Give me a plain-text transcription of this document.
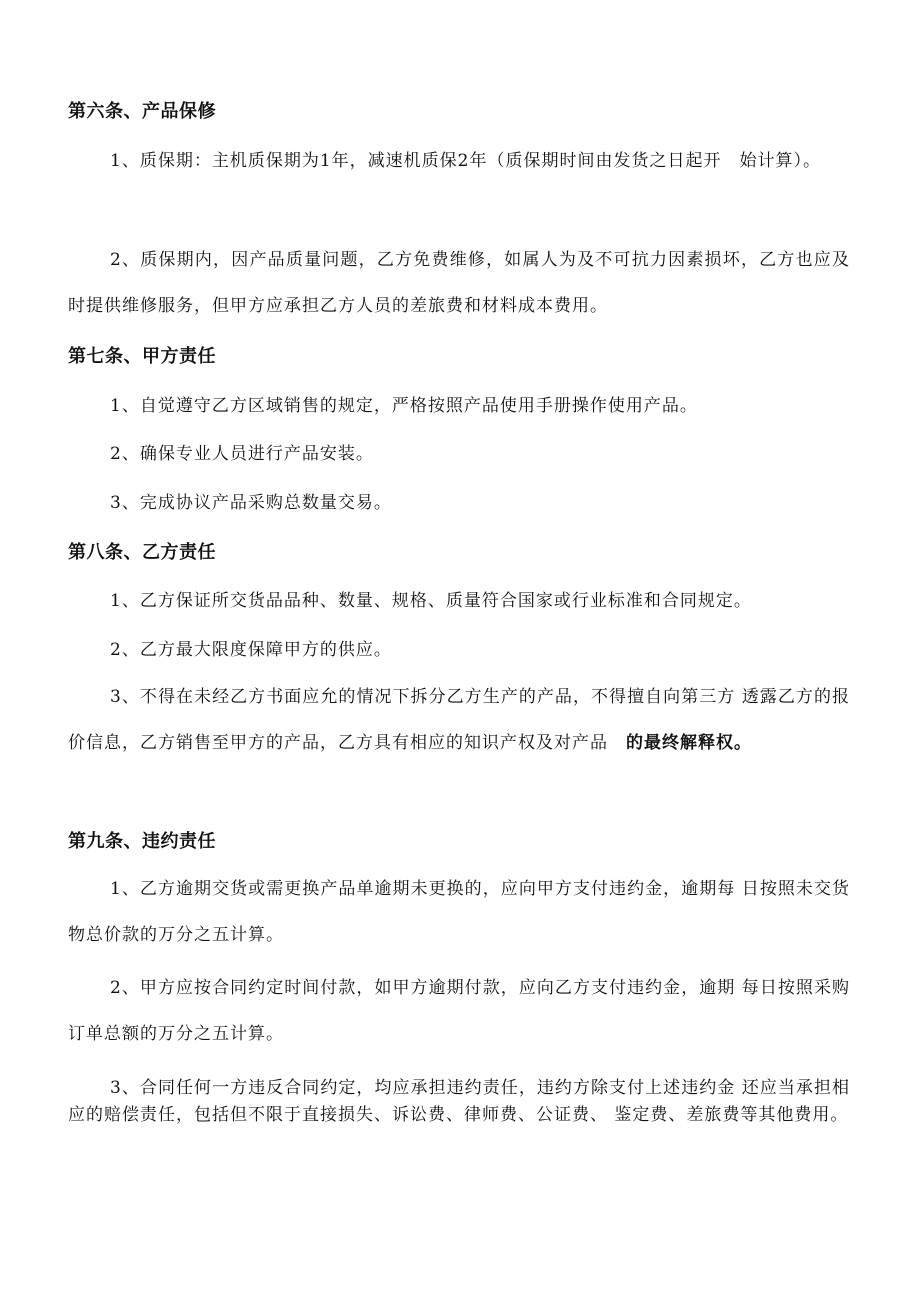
第六条、产品保修
1、质保期：主机质保期为1年，减速机质保2年（质保期时间由发货之日起开　始计算）。
2、质保期内，因产品质量问题，乙方免费维修，如属人为及不可抗力因素损坏，乙方也应及时提供维修服务，但甲方应承担乙方人员的差旅费和材料成本费用。
第七条、甲方责任
1、自觉遵守乙方区域销售的规定，严格按照产品使用手册操作使用产品。
2、确保专业人员进行产品安装。
3、完成协议产品采购总数量交易。
第八条、乙方责任
1、乙方保证所交货品品种、数量、规格、质量符合国家或行业标准和合同规定。
2、乙方最大限度保障甲方的供应。
3、不得在未经乙方书面应允的情况下拆分乙方生产的产品，不得擅自向第三方 透露乙方的报价信息，乙方销售至甲方的产品，乙方具有相应的知识产权及对产品　的最终解释权。
第九条、违约责任
1、乙方逾期交货或需更换产品单逾期未更换的，应向甲方支付违约金，逾期每 日按照未交货物总价款的万分之五计算。
2、甲方应按合同约定时间付款，如甲方逾期付款，应向乙方支付违约金，逾期 每日按照采购订单总额的万分之五计算。
3、合同任何一方违反合同约定，均应承担违约责任，违约方除支付上述违约金 还应当承担相应的赔偿责任，包括但不限于直接损失、诉讼费、律师费、公证费、 鉴定费、差旅费等其他费用。
